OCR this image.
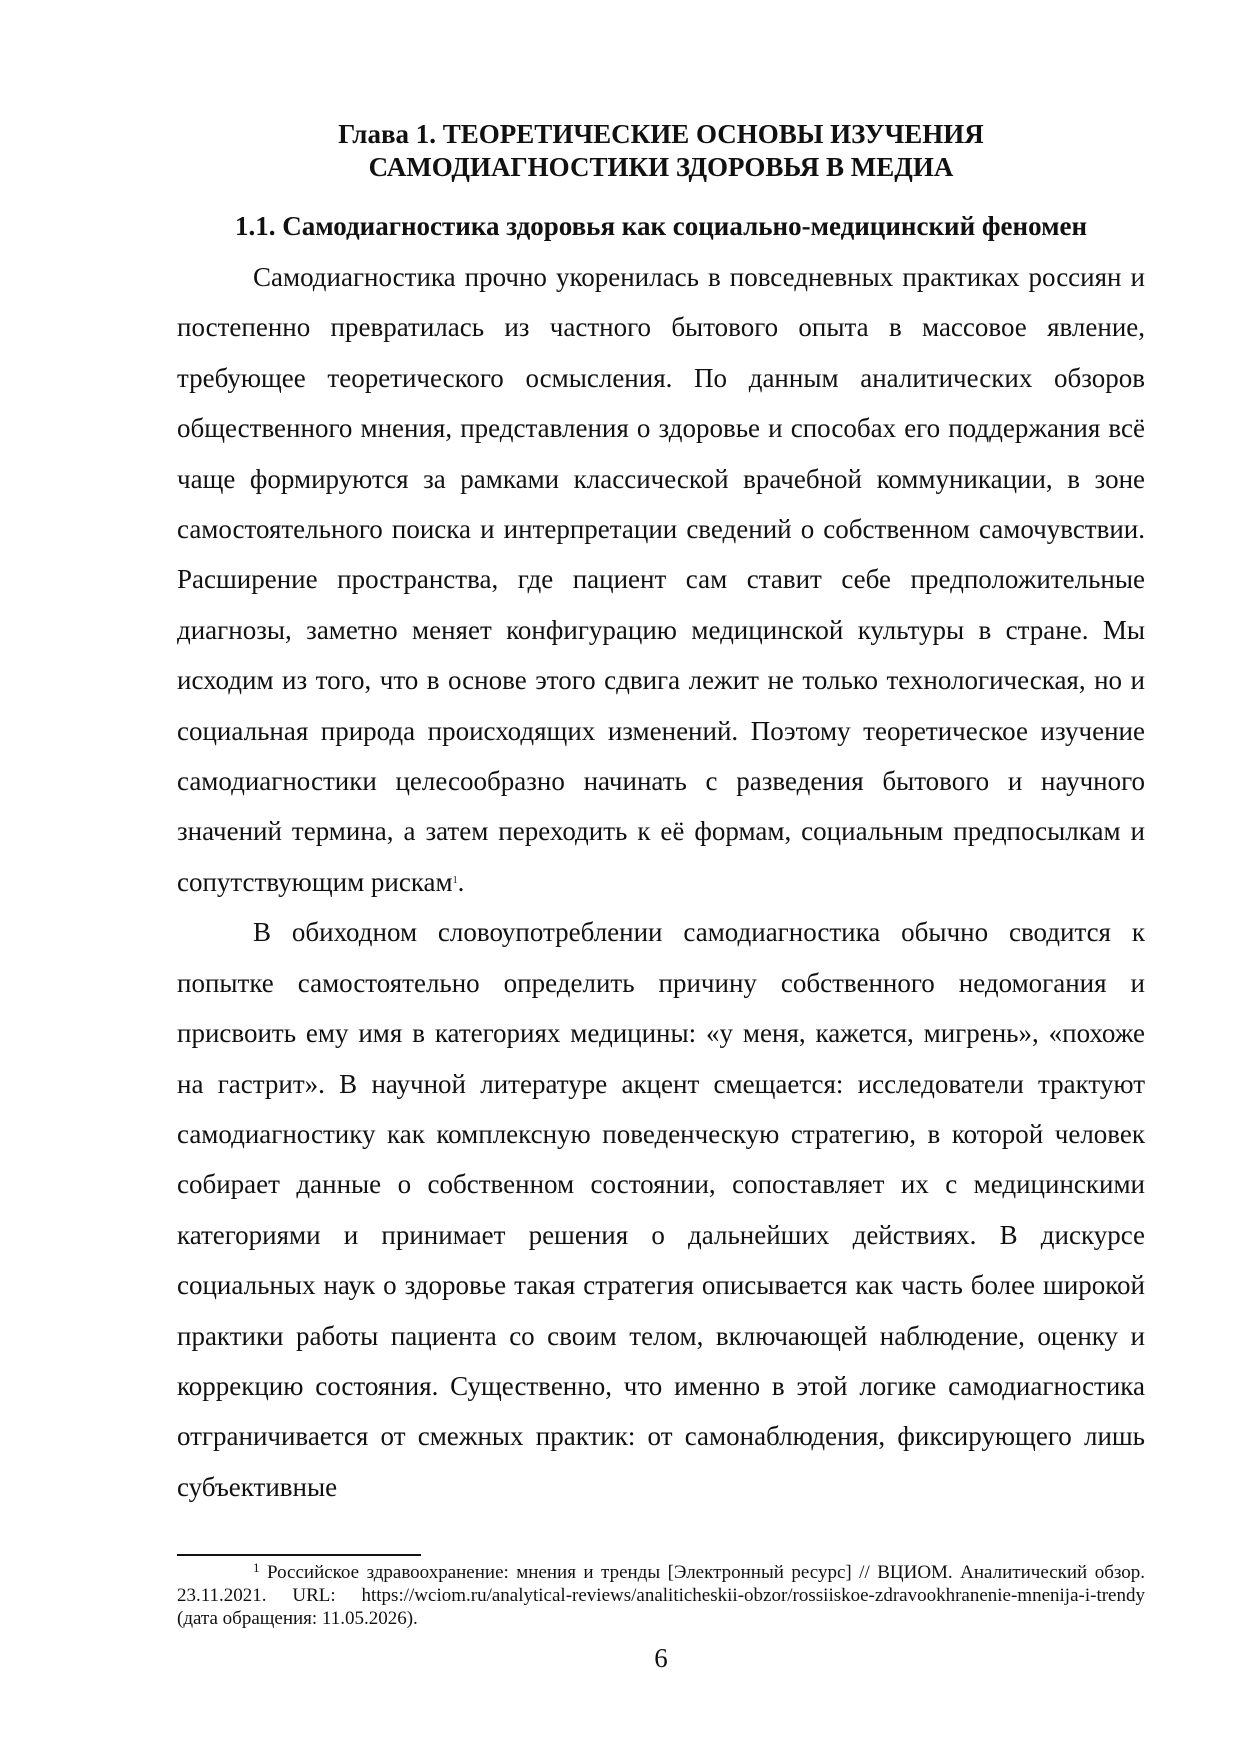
Глава 1. ТЕОРЕТИЧЕСКИЕ ОСНОВЫ ИЗУЧЕНИЯ
САМОДИАГНОСТИКИ ЗДОРОВЬЯ В МЕДИА
1.1. Самодиагностика здоровья как социально-медицинский феномен

Самодиагностика прочно укоренилась в повседневных практиках россиян и постепенно превратилась из частного бытового опыта в массовое явление, требующее теоретического осмысления. По данным аналитических обзоров общественного мнения, представления о здоровье и способах его поддержания всё чаще формируются за рамками классической врачебной коммуникации, в зоне самостоятельного поиска и интерпретации сведений о собственном самочувствии. Расширение пространства, где пациент сам ставит себе предположительные диагнозы, заметно меняет конфигурацию медицинской культуры в стране. Мы исходим из того, что в основе этого сдвига лежит не только технологическая, но и социальная природа происходящих изменений. Поэтому теоретическое изучение самодиагностики целесообразно начинать с разведения бытового и научного значений термина, а затем переходить к её формам, социальным предпосылкам и сопутствующим рискам$^1$.

В обиходном словоупотреблении самодиагностика обычно сводится к попытке самостоятельно определить причину собственного недомогания и присвоить ему имя в категориях медицины: «у меня, кажется, мигрень», «похоже на гастрит». В научной литературе акцент смещается: исследователи трактуют самодиагностику как комплексную поведенческую стратегию, в которой человек собирает данные о собственном состоянии, сопоставляет их с медицинскими категориями и принимает решения о дальнейших действиях. В дискурсе социальных наук о здоровье такая стратегия описывается как часть более широкой практики работы пациента со своим телом, включающей наблюдение, оценку и коррекцию состояния. Существенно, что именно в этой логике самодиагностика отграничивается от смежных практик: от самонаблюдения, фиксирующего лишь субъективные

$^1$ Российское здравоохранение: мнения и тренды [Электронный ресурс] // ВЦИОМ. Аналитический обзор. 23.11.2021. URL: https://wciom.ru/analytical-reviews/analiticheskii-obzor/rossiiskoe-zdravookhranenie-mnenija-i-trendy (дата обращения: 11.05.2026).

6
